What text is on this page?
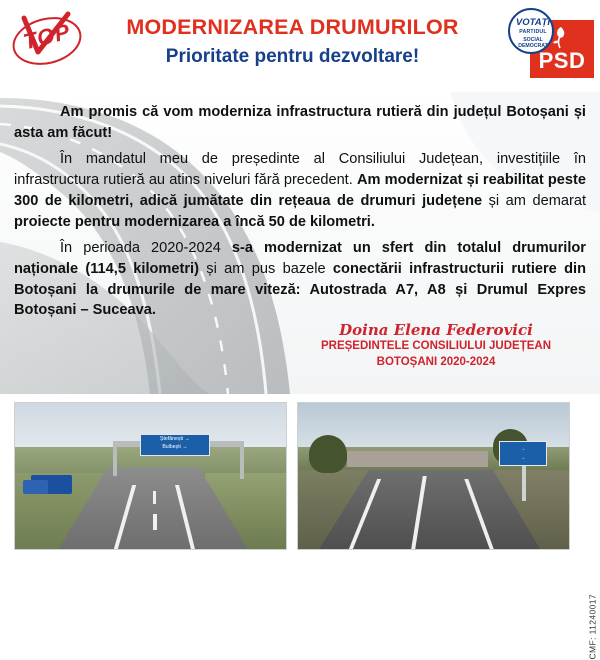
TOP	MODERNIZAREA DRUMURILOR
Prioritate pentru dezvoltare!
VOTAȚI
PARTIDUL
SOCIAL DEMOCRAT
PSD

Am promis că vom moderniza infrastructura rutieră din județul Botoșani și asta am făcut!

În mandatul meu de președinte al Consiliului Județean, investițiile în infrastructura rutieră au atins niveluri fără precedent. Am modernizat și reabilitat peste 300 de kilometri, adică jumătate din rețeaua de drumuri județene și am demarat proiecte pentru modernizarea a încă 50 de kilometri.

În perioada 2020-2024 s-a modernizat un sfert din totalul drumurilor naționale (114,5 kilometri) și am pus bazele conectării infrastructurii rutiere din Botoșani la drumurile de mare viteză: Autostrada A7, A8 și Drumul Expres Botoșani – Suceava.

Doina Elena Federovici
PREȘEDINTELE CONSILIULUI JUDEȚEAN
BOTOȘANI 2020-2024
Ștefănești →
Bulbești →	→
→
CMF: 11240017
